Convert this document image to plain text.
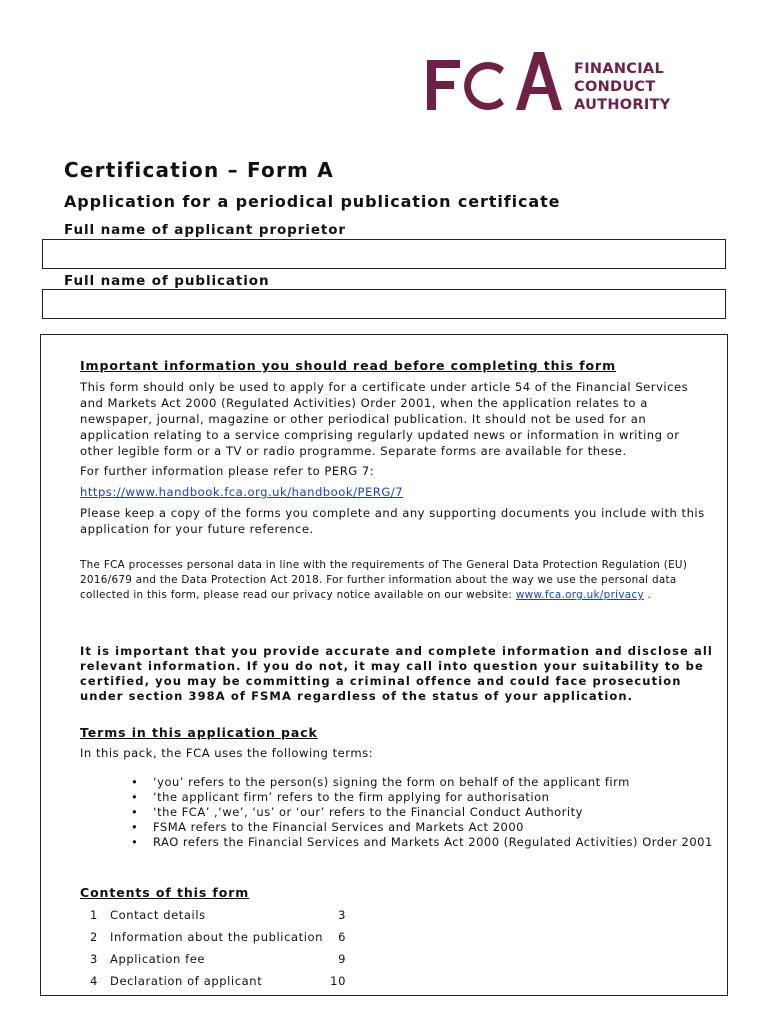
FINANCIAL
CONDUCT
AUTHORITY
Certification – Form A
Application for a periodical publication certificate
Full name of applicant proprietor
Full name of publication
Important information you should read before completing this form
This form should only be used to apply for a certificate under article 54 of the Financial Services and Markets Act 2000 (Regulated Activities) Order 2001, when the application relates to a newspaper, journal, magazine or other periodical publication. It should not be used for an application relating to a service comprising regularly updated news or information in writing or other legible form or a TV or radio programme. Separate forms are available for these.
For further information please refer to PERG 7:
https://www.handbook.fca.org.uk/handbook/PERG/7
Please keep a copy of the forms you complete and any supporting documents you include with this application for your future reference.
The FCA processes personal data in line with the requirements of The General Data Protection Regulation (EU) 2016/679 and the Data Protection Act 2018. For further information about the way we use the personal data collected in this form, please read our privacy notice available on our website: www.fca.org.uk/privacy .
It is important that you provide accurate and complete information and disclose all relevant information. If you do not, it may call into question your suitability to be certified, you may be committing a criminal offence and could face prosecution under section 398A of FSMA regardless of the status of your application.
Terms in this application pack
In this pack, the FCA uses the following terms:
• ‘you’ refers to the person(s) signing the form on behalf of the applicant firm
• ‘the applicant firm’ refers to the firm applying for authorisation
• ‘the FCA’ ,‘we’, ‘us’ or ‘our’ refers to the Financial Conduct Authority
• FSMA refers to the Financial Services and Markets Act 2000
• RAO refers the Financial Services and Markets Act 2000 (Regulated Activities) Order 2001
Contents of this form
1 Contact details	3
2 Information about the publication	6
3 Application fee	9
4 Declaration of applicant	10
